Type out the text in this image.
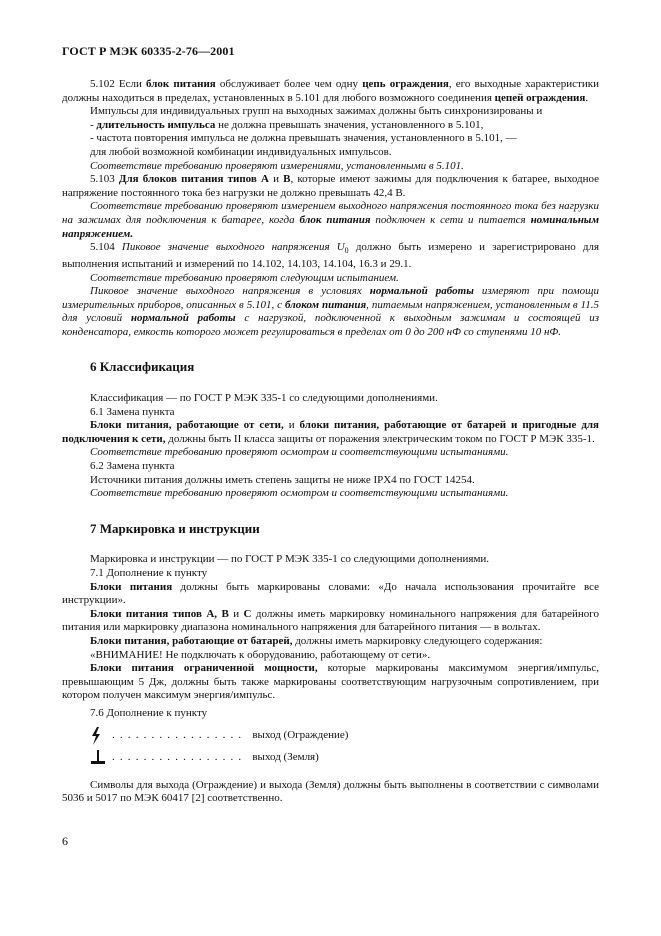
ГОСТ Р МЭК 60335-2-76—2001

5.102 Если блок питания обслуживает более чем одну цепь ограждения, его выходные характеристики должны находиться в пределах, установленных в 5.101 для любого возможного соединения цепей ограждения.

Импульсы для индивидуальных групп на выходных зажимах должны быть синхронизированы и

- длительность импульса не должна превышать значения, установленного в 5.101,

- частота повторения импульса не должна превышать значения, установленного в 5.101, —

для любой возможной комбинации индивидуальных импульсов.

Соответствие требованию проверяют измерениями, установленными в 5.101.

5.103 Для блоков питания типов А и В, которые имеют зажимы для подключения к батарее, выходное напряжение постоянного тока без нагрузки не должно превышать 42,4 В.

Соответствие требованию проверяют измерением выходного напряжения постоянного тока без нагрузки на зажимах для подключения к батарее, когда блок питания подключен к сети и питается номинальным напряжением.

5.104 Пиковое значение выходного напряжения $U_0$ должно быть измерено и зарегистрировано для выполнения испытаний и измерений по 14.102, 14.103, 14.104, 16.3 и 29.1.

Соответствие требованию проверяют следующим испытанием.

Пиковое значение выходного напряжения в условиях нормальной работы измеряют при помощи измерительных приборов, описанных в 5.101, с блоком питания, питаемым напряжением, установленным в 11.5 для условий нормальной работы с нагрузкой, подключенной к выходным зажимам и состоящей из конденсатора, емкость которого может регулироваться в пределах от 0 до 200 нФ со ступенями 10 нФ.

6 Классификация

Классификация — по ГОСТ Р МЭК 335-1 со следующими дополнениями.

6.1 Замена пункта

Блоки питания, работающие от сети, и блоки питания, работающие от батарей и пригодные для подключения к сети, должны быть II класса защиты от поражения электрическим током по ГОСТ Р МЭК 335-1.

Соответствие требованию проверяют осмотром и соответствующими испытаниями.

6.2 Замена пункта

Источники питания должны иметь степень защиты не ниже IPX4 по ГОСТ 14254.

Соответствие требованию проверяют осмотром и соответствующими испытаниями.

7 Маркировка и инструкции

Маркировка и инструкции — по ГОСТ Р МЭК 335-1 со следующими дополнениями.

7.1 Дополнение к пункту

Блоки питания должны быть маркированы словами: «До начала использования прочитайте все инструкции».

Блоки питания типов А, В и С должны иметь маркировку номинального напряжения для батарейного питания или маркировку диапазона номинального напряжения для батарейного питания — в вольтах.

Блоки питания, работающие от батарей, должны иметь маркировку следующего содержания:

«ВНИМАНИЕ! Не подключать к оборудованию, работающему от сети».

Блоки питания ограниченной мощности, которые маркированы максимумом энергия/импульс, превышающим 5 Дж, должны быть также маркированы соответствующим нагрузочным сопротивлением, при котором получен максимум энергия/импульс.

7.6 Дополнение к пункту

. . . . . . . . . . . . . . . . . выход (Ограждение)
. . . . . . . . . . . . . . . . . выход (Земля)

Символы для выхода (Ограждение) и выхода (Земля) должны быть выполнены в соответствии с символами 5036 и 5017 по МЭК 60417 [2] соответственно.

6
